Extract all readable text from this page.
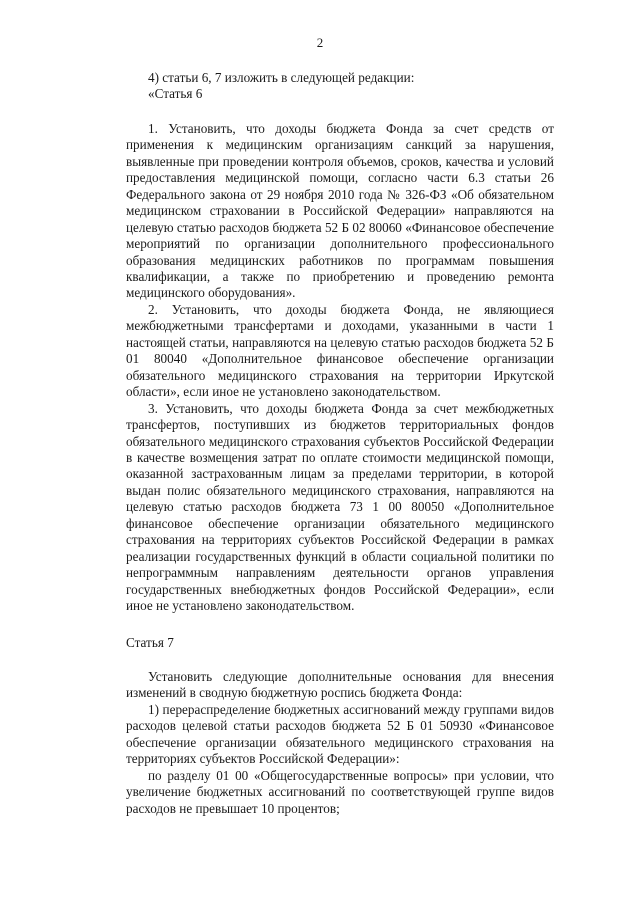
2

4) статьи 6, 7 изложить в следующей редакции:

«Статья 6

1. Установить, что доходы бюджета Фонда за счет средств от применения к медицинским организациям санкций за нарушения, выявленные при проведении контроля объемов, сроков, качества и условий предоставления медицинской помощи, согласно части 6.3 статьи 26 Федерального закона от 29 ноября 2010 года № 326-ФЗ «Об обязательном медицинском страховании в Российской Федерации» направляются на целевую статью расходов бюджета 52 Б 02 80060 «Финансовое обеспечение мероприятий по организации дополнительного профессионального образования медицинских работников по программам повышения квалификации, а также по приобретению и проведению ремонта медицинского оборудования».

2. Установить, что доходы бюджета Фонда, не являющиеся межбюджетными трансфертами и доходами, указанными в части 1 настоящей статьи, направляются на целевую статью расходов бюджета 52 Б 01 80040 «Дополнительное финансовое обеспечение организации обязательного медицинского страхования на территории Иркутской области», если иное не установлено законодательством.

3. Установить, что доходы бюджета Фонда за счет межбюджетных трансфертов, поступивших из бюджетов территориальных фондов обязательного медицинского страхования субъектов Российской Федерации в качестве возмещения затрат по оплате стоимости медицинской помощи, оказанной застрахованным лицам за пределами территории, в которой выдан полис обязательного медицинского страхования, направляются на целевую статью расходов бюджета 73 1 00 80050 «Дополнительное финансовое обеспечение организации обязательного медицинского страхования на территориях субъектов Российской Федерации в рамках реализации государственных функций в области социальной политики по непрограммным направлениям деятельности органов управления государственных внебюджетных фондов Российской Федерации», если иное не установлено законодательством.

Статья 7

Установить следующие дополнительные основания для внесения изменений в сводную бюджетную роспись бюджета Фонда:

1) перераспределение бюджетных ассигнований между группами видов расходов целевой статьи расходов бюджета 52 Б 01 50930 «Финансовое обеспечение организации обязательного медицинского страхования на территориях субъектов Российской Федерации»:

по разделу 01 00 «Общегосударственные вопросы» при условии, что увеличение бюджетных ассигнований по соответствующей группе видов расходов не превышает 10 процентов;
